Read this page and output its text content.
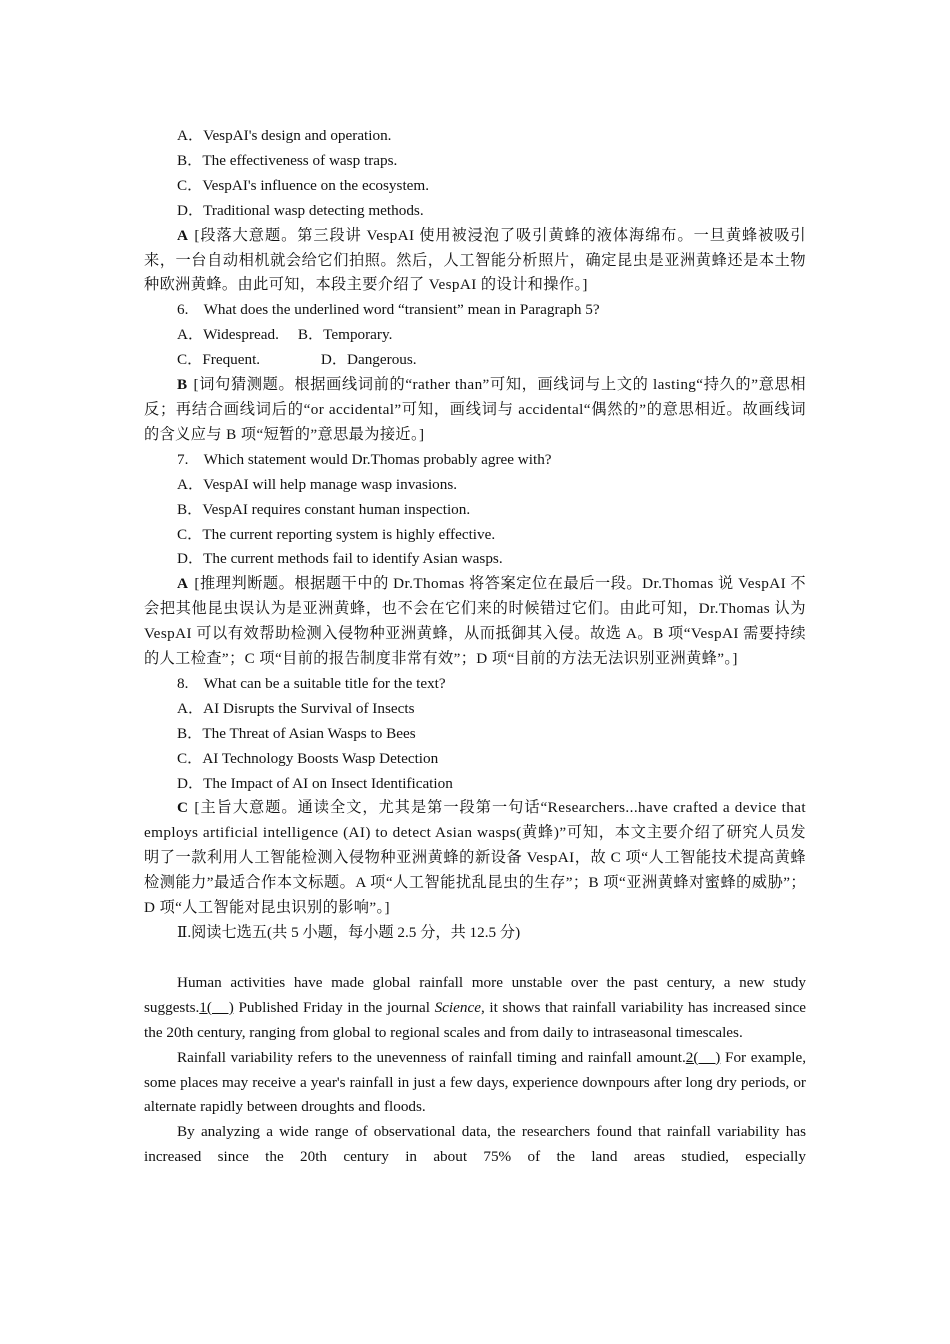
A．VespAI's design and operation.

B．The effectiveness of wasp traps.

C．VespAI's influence on the ecosystem.

D．Traditional wasp detecting methods.

A [段落大意题。第三段讲 VespAI 使用被浸泡了吸引黄蜂的液体海绵布。一旦黄蜂被吸引来，一台自动相机就会给它们拍照。然后，人工智能分析照片，确定昆虫是亚洲黄蜂还是本土物种欧洲黄蜂。由此可知，本段主要介绍了 VespAI 的设计和操作。]

6.　What does the underlined word “transient” mean in Paragraph 5?

A．Widespread.　 B．Temporary.

C．Frequent.　　　　D．Dangerous.

B [词句猜测题。根据画线词前的“rather than”可知，画线词与上文的 lasting“持久的”意思相反；再结合画线词后的“or accidental”可知，画线词与 accidental“偶然的”的意思相近。故画线词的含义应与 B 项“短暂的”意思最为接近。]

7.　Which statement would Dr.Thomas probably agree with?

A．VespAI will help manage wasp invasions.

B．VespAI requires constant human inspection.

C．The current reporting system is highly effective.

D．The current methods fail to identify Asian wasps.

A [推理判断题。根据题干中的 Dr.Thomas 将答案定位在最后一段。Dr.Thomas 说 VespAI 不会把其他昆虫误认为是亚洲黄蜂，也不会在它们来的时候错过它们。由此可知，Dr.Thomas 认为 VespAI 可以有效帮助检测入侵物种亚洲黄蜂，从而抵御其入侵。故选 A。B 项“VespAI 需要持续的人工检查”；C 项“目前的报告制度非常有效”；D 项“目前的方法无法识别亚洲黄蜂”。]

8.　What can be a suitable title for the text?

A．AI Disrupts the Survival of Insects

B．The Threat of Asian Wasps to Bees

C．AI Technology Boosts Wasp Detection

D．The Impact of AI on Insect Identification

C [主旨大意题。通读全文，尤其是第一段第一句话“Researchers...have crafted a device that employs artificial intelligence (AI) to detect Asian wasps(黄蜂)”可知，本文主要介绍了研究人员发明了一款利用人工智能检测入侵物种亚洲黄蜂的新设备 VespAI，故 C 项“人工智能技术提高黄蜂检测能力”最适合作本文标题。A 项“人工智能扰乱昆虫的生存”；B 项“亚洲黄蜂对蜜蜂的威胁”；D 项“人工智能对昆虫识别的影响”。]

Ⅱ.阅读七选五(共 5 小题，每小题 2.5 分，共 12.5 分)

Human activities have made global rainfall more unstable over the past century, a new study suggests.1(　) Published Friday in the journal Science, it shows that rainfall variability has increased since the 20th century, ranging from global to regional scales and from daily to intraseasonal timescales.

Rainfall variability refers to the unevenness of rainfall timing and rainfall amount.2(　) For example, some places may receive a year's rainfall in just a few days, experience downpours after long dry periods, or alternate rapidly between droughts and floods.

By analyzing a wide range of observational data, the researchers found that rainfall variability has increased since the 20th century in about 75% of the land areas studied, especially
